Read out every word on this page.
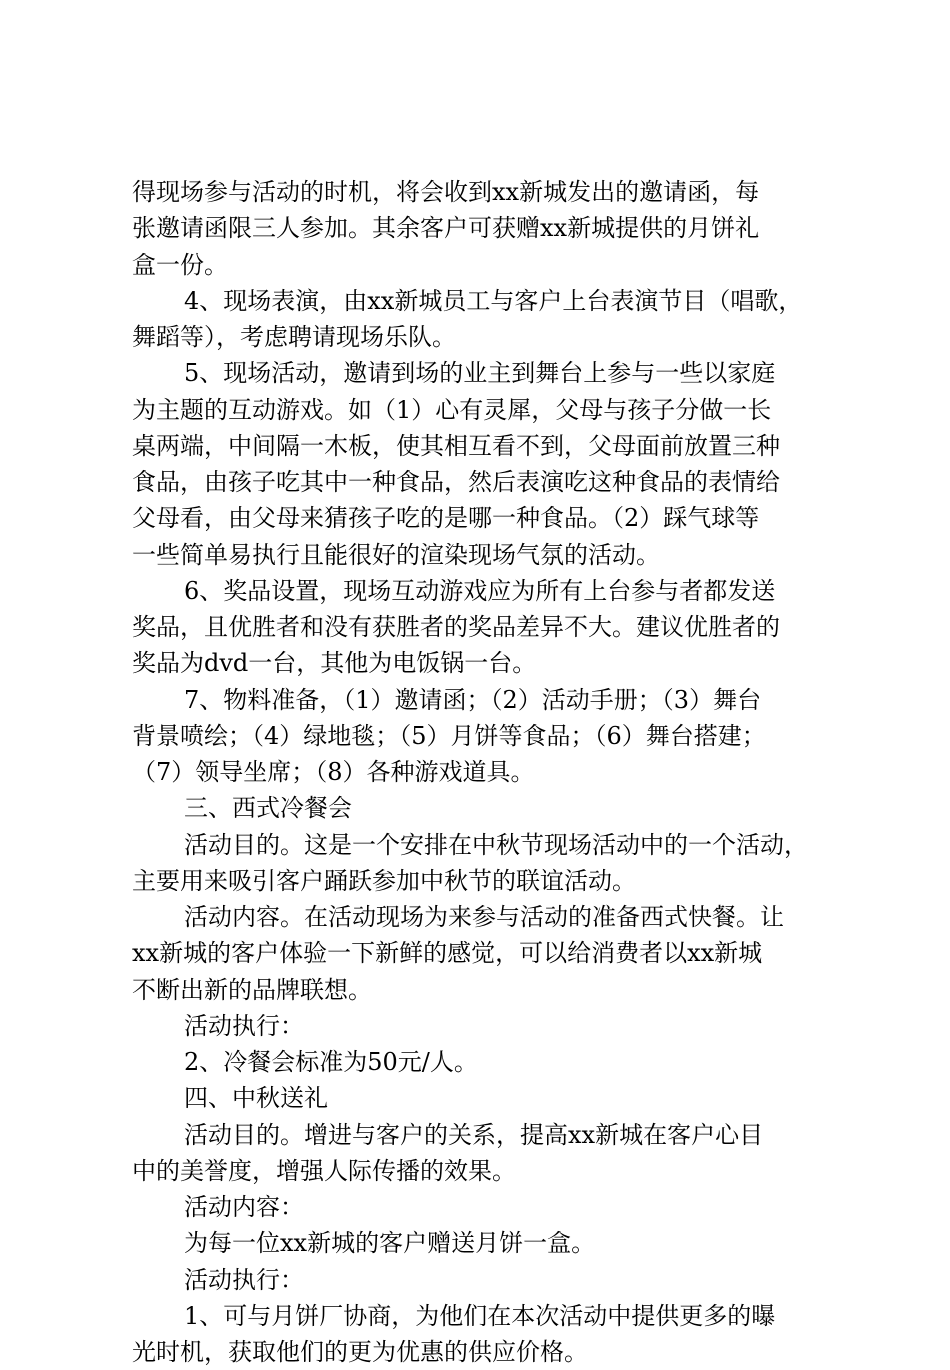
得现场参与活动的时机，将会收到xx新城发出的邀请函，每
张邀请函限三人参加。其余客户可获赠xx新城提供的月饼礼
盒一份。
4、现场表演，由xx新城员工与客户上台表演节目（唱歌，
舞蹈等），考虑聘请现场乐队。
5、现场活动，邀请到场的业主到舞台上参与一些以家庭
为主题的互动游戏。如（1）心有灵犀，父母与孩子分做一长
桌两端，中间隔一木板，使其相互看不到，父母面前放置三种
食品，由孩子吃其中一种食品，然后表演吃这种食品的表情给
父母看，由父母来猜孩子吃的是哪一种食品。（2）踩气球等
一些简单易执行且能很好的渲染现场气氛的活动。
6、奖品设置，现场互动游戏应为所有上台参与者都发送
奖品，且优胜者和没有获胜者的奖品差异不大。建议优胜者的
奖品为dvd一台，其他为电饭锅一台。
7、物料准备，（1）邀请函；（2）活动手册；（3）舞台
背景喷绘；（4）绿地毯；（5）月饼等食品；（6）舞台搭建；
（7）领导坐席；（8）各种游戏道具。
三、西式冷餐会
活动目的。这是一个安排在中秋节现场活动中的一个活动，
主要用来吸引客户踊跃参加中秋节的联谊活动。
活动内容。在活动现场为来参与活动的准备西式快餐。让
xx新城的客户体验一下新鲜的感觉，可以给消费者以xx新城
不断出新的品牌联想。
活动执行：
2、冷餐会标准为50元/人。
四、中秋送礼
活动目的。增进与客户的关系，提高xx新城在客户心目
中的美誉度，增强人际传播的效果。
活动内容：
为每一位xx新城的客户赠送月饼一盒。
活动执行：
1、可与月饼厂协商，为他们在本次活动中提供更多的曝
光时机，获取他们的更为优惠的供应价格。
